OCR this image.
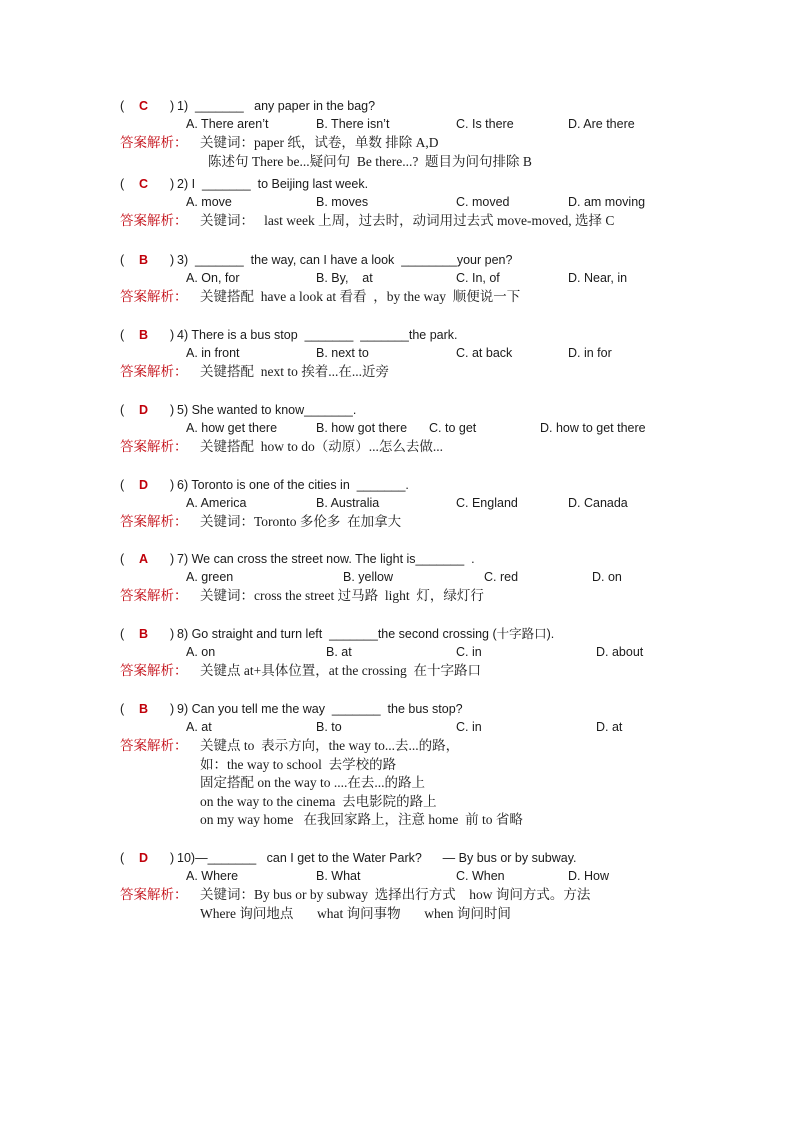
( C ) 1)  _______   any paper in the bag?
A. There aren’t	B. There isn’t	C. Is there	D. Are there
答案解析： 关键词：paper 纸，试卷，单数 排除 A,D
陈述句 There be...疑问句  Be there...?  题目为问句排除 B
( C ) 2) I  _______  to Beijing last week.
A. move	B. moves	C. moved	D. am moving
答案解析： 关键词：   last week 上周，过去时，动词用过去式 move-moved, 选择 C
( B ) 3)  _______  the way, can I have a look  ________your pen?
A. On, for	B. By,    at	C. In, of	D. Near, in
答案解析： 关键搭配  have a look at 看看  ，by the way  顺便说一下
( B ) 4) There is a bus stop  _______  _______the park.
A. in front	B. next to	C. at back	D. in for
答案解析： 关键搭配  next to 挨着...在...近旁
( D ) 5) She wanted to know_______.
A. how get there	B. how got there C. to get	D. how to get there
答案解析： 关键搭配  how to do（动原）...怎么去做...
( D ) 6) Toronto is one of the cities in  _______.
A. America	B. Australia	C. England	D. Canada
答案解析： 关键词：Toronto 多伦多  在加拿大
( A ) 7) We can cross the street now. The light is_______  .
A. green	B. yellow	C. red	D. on
答案解析： 关键词：cross the street 过马路  light  灯，绿灯行
( B ) 8) Go straight and turn left  _______the second crossing (十字路口).
A. on	B. at	C. in	D. about
答案解析： 关键点 at+具体位置，at the crossing  在十字路口
( B ) 9) Can you tell me the way  _______  the bus stop?
A. at	B. to	C. in	D. at
答案解析： 关键点 to  表示方向，the way to...去...的路，
如：the way to school  去学校的路
固定搭配 on the way to ....在去...的路上
on the way to the cinema  去电影院的路上
on my way home   在我回家路上，注意 home  前 to 省略
( D ) 10)—_______   can I get to the Water Park?      — By bus or by subway.
A. Where	B. What	C. When	D. How
答案解析： 关键词：By bus or by subway  选择出行方式    how 询问方式。方法
Where 询问地点       what 询问事物       when 询问时间
